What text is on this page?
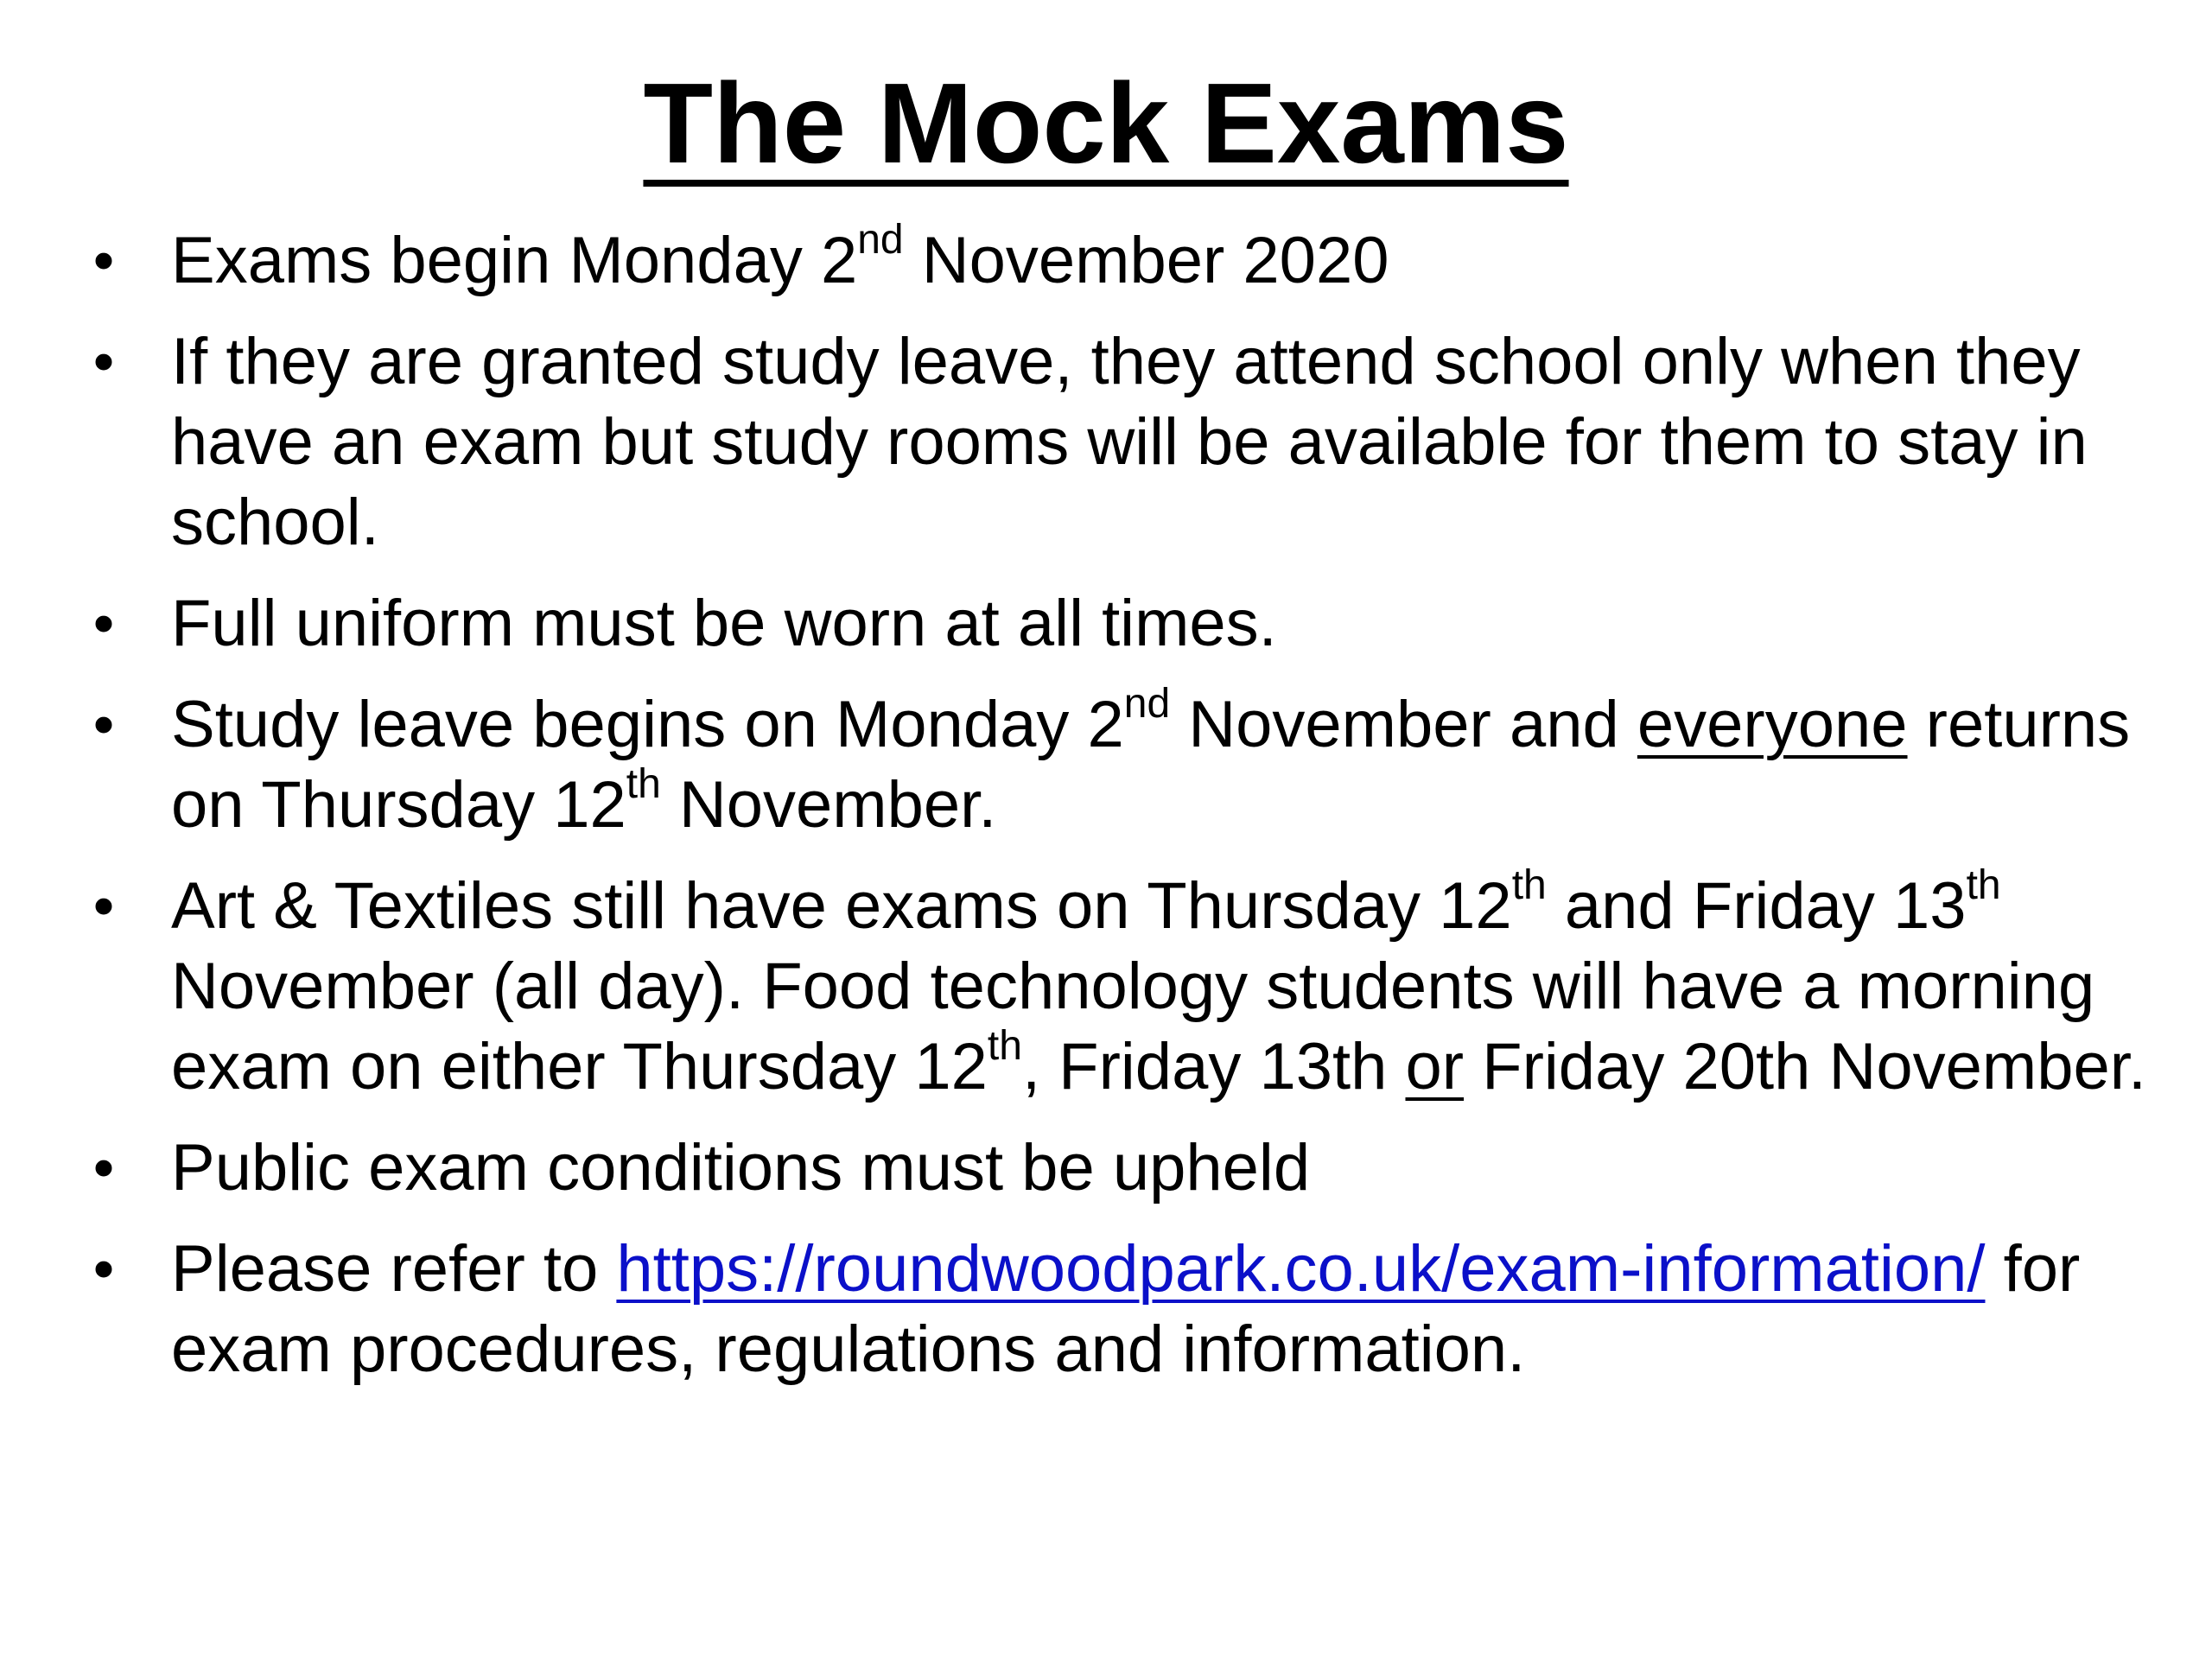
The Mock Exams
• Exams begin Monday 2nd November 2020
• If they are granted study leave, they attend school only when they have an exam but study rooms will be available for them to stay in school.
• Full uniform must be worn at all times.
• Study leave begins on Monday 2nd November and everyone returns on Thursday 12th November.
• Art & Textiles still have exams on Thursday 12th and Friday 13th November (all day). Food technology students will have a morning exam on either Thursday 12th, Friday 13th or Friday 20th November.
• Public exam conditions must be upheld
• Please refer to https://roundwoodpark.co.uk/exam-information/ for exam procedures, regulations and information.
